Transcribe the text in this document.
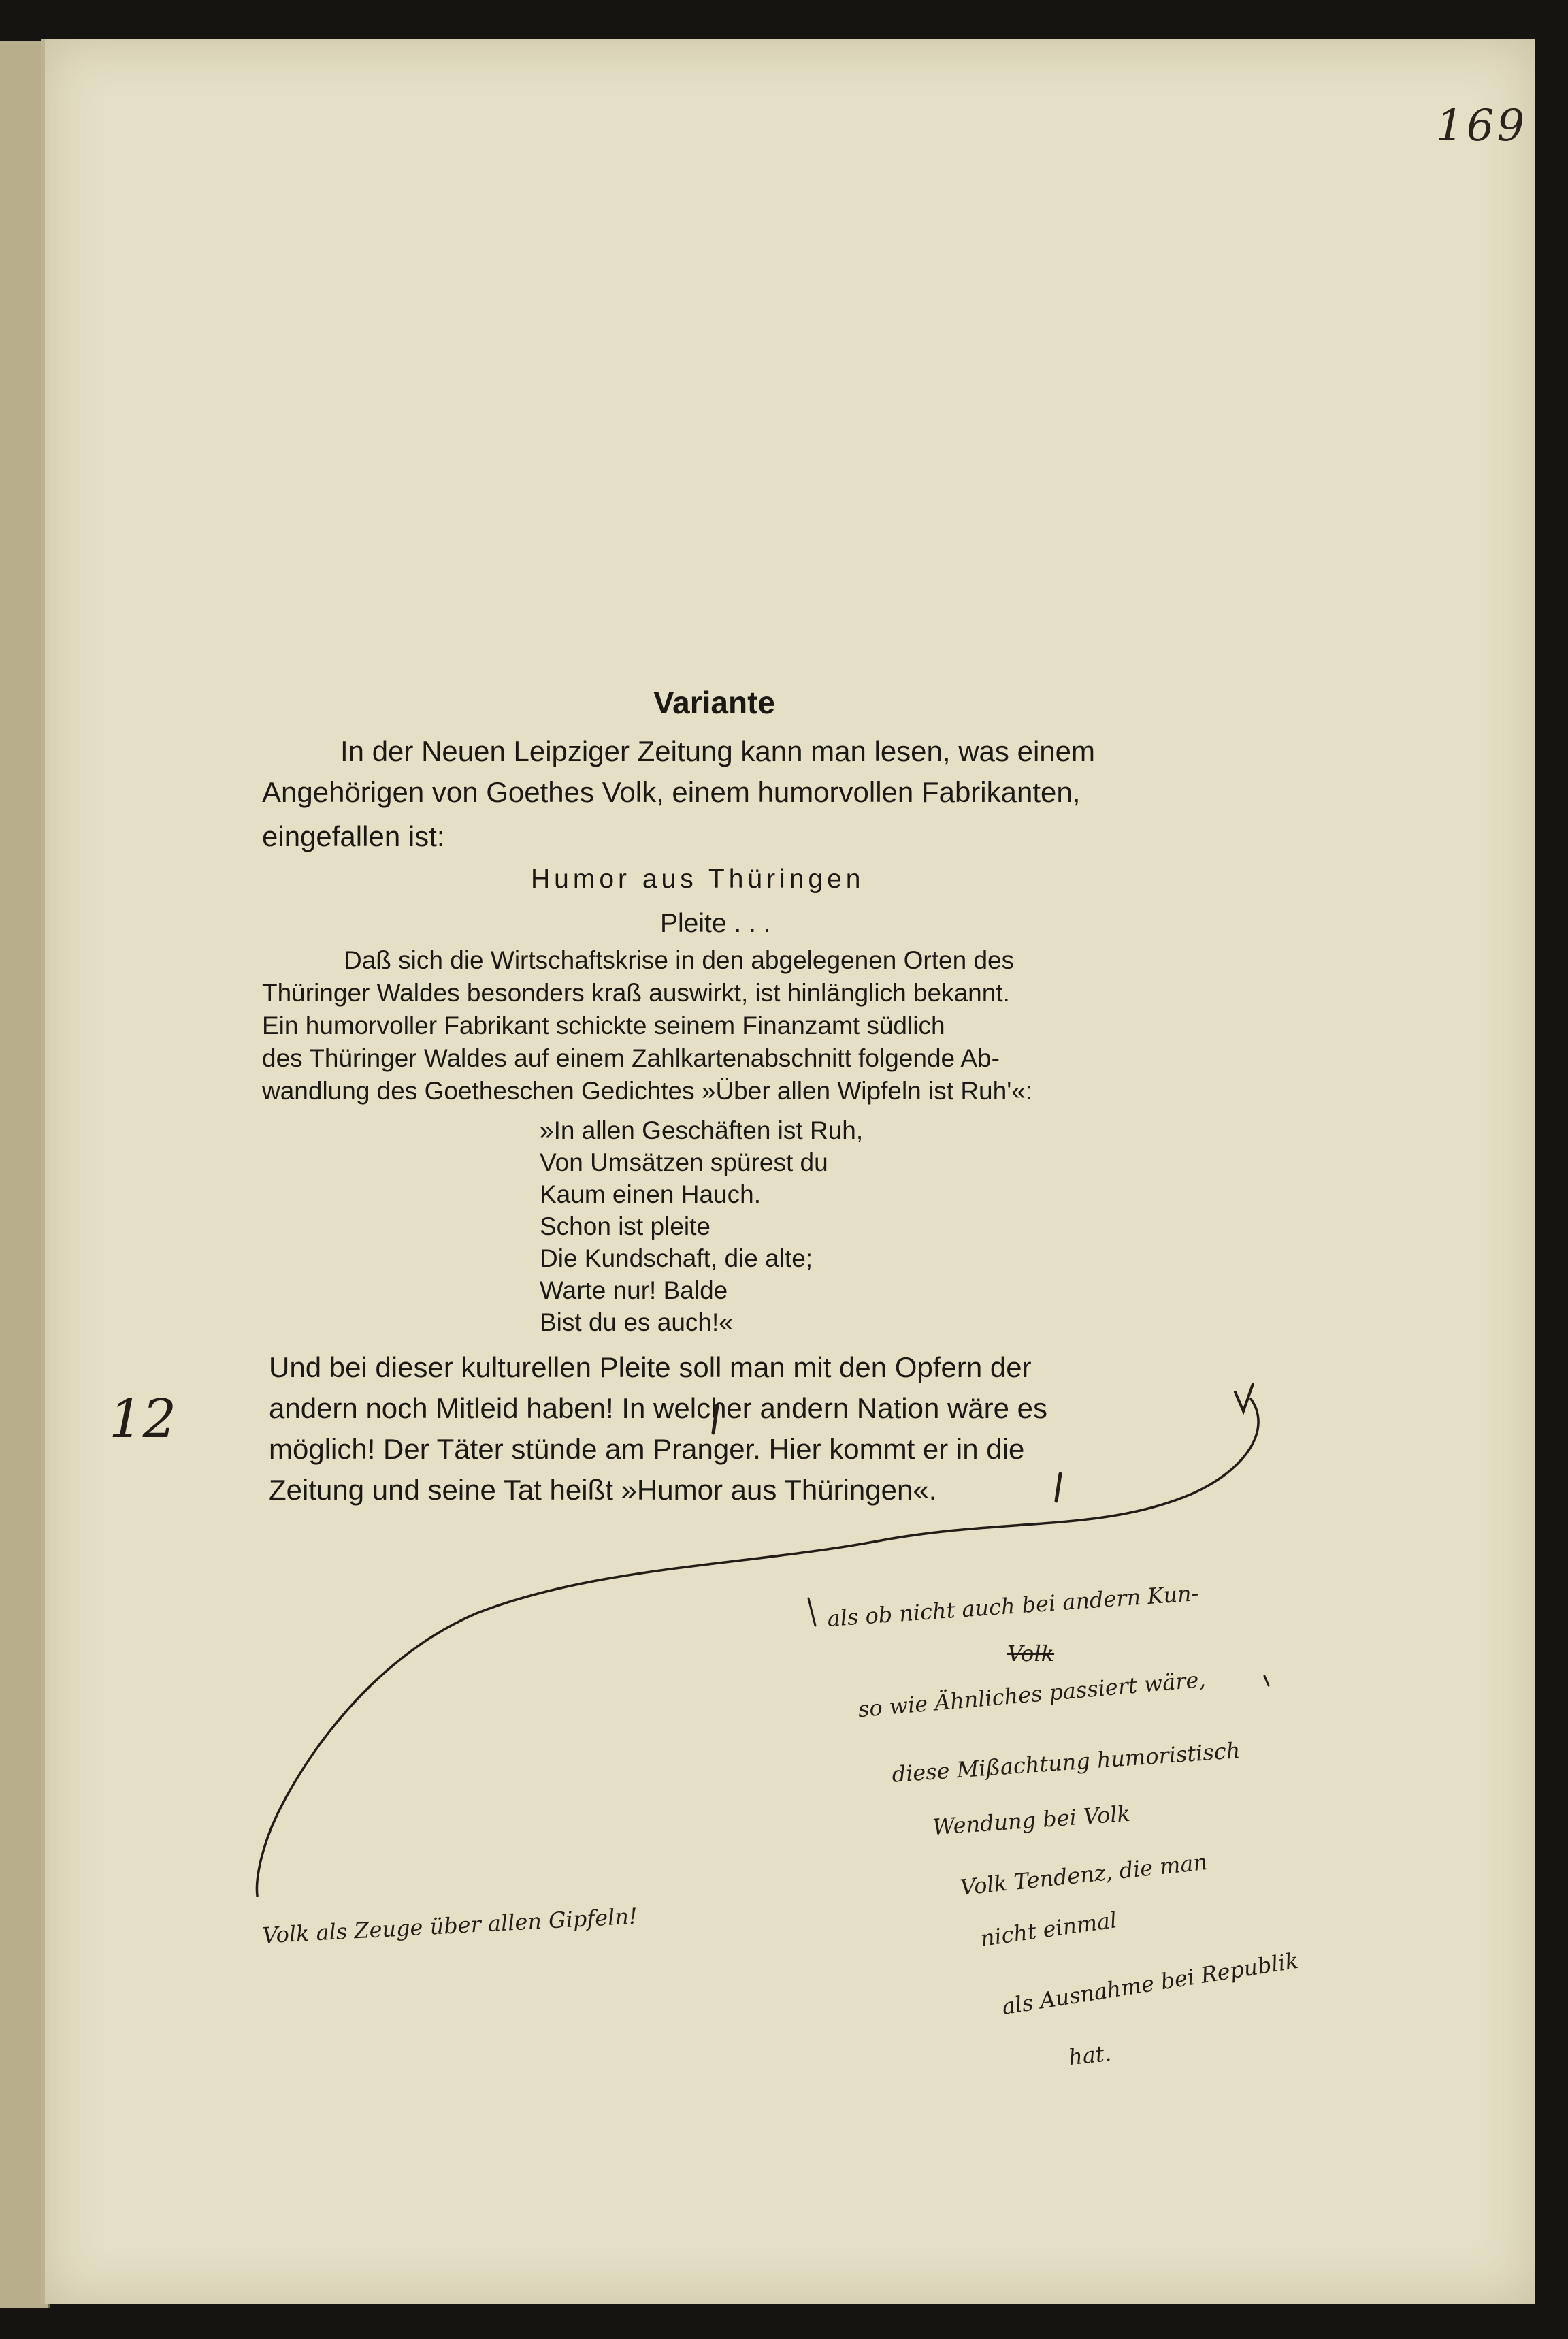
169
Variante
In der Neuen Leipziger Zeitung kann man lesen, was einem
Angehörigen von Goethes Volk, einem humorvollen Fabrikanten,
eingefallen ist:
Humor aus Thüringen
Pleite . . .
Daß sich die Wirtschaftskrise in den abgelegenen Orten des
Thüringer Waldes besonders kraß auswirkt, ist hinlänglich bekannt.
Ein humorvoller Fabrikant schickte seinem Finanzamt südlich
des Thüringer Waldes auf einem Zahlkartenabschnitt folgende Ab-
wandlung des Goetheschen Gedichtes »Über allen Wipfeln ist Ruh'«:
»In allen Geschäften ist Ruh,
Von Umsätzen spürest du
Kaum einen Hauch.
Schon ist pleite
Die Kundschaft, die alte;
Warte nur! Balde
Bist du es auch!«
Und bei dieser kulturellen Pleite soll man mit den Opfern der
andern noch Mitleid haben! In welcher andern Nation wäre es
möglich! Der Täter stünde am Pranger. Hier kommt er in die
Zeitung und seine Tat heißt »Humor aus Thüringen«.
12
als ob nicht auch bei andern Kun-
Volk
so wie Ähnliches passiert wäre,
diese Mißachtung humoristisch
Wendung bei Volk
Volk Tendenz, die man
nicht einmal
als Ausnahme bei Republik
hat.
Volk als Zeuge über allen Gipfeln!
